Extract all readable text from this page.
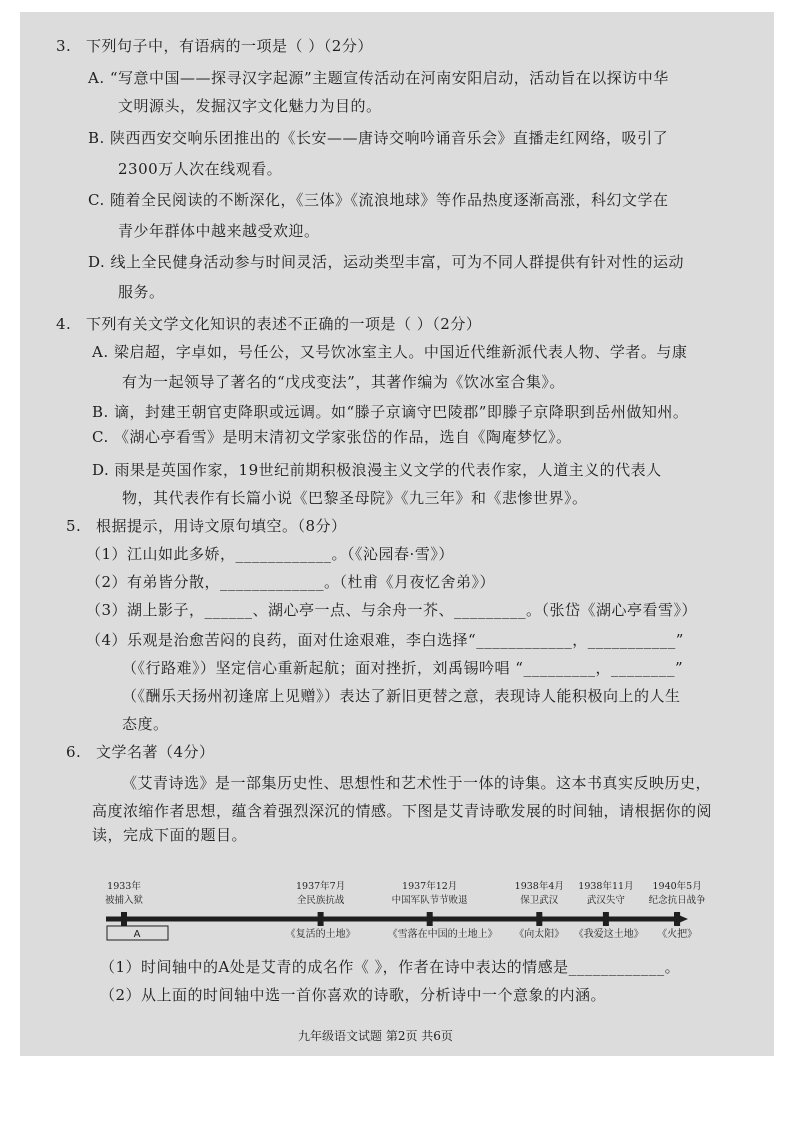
3. 下列句子中，有语病的一项是（ ）（2分）
A. “写意中国——探寻汉字起源”主题宣传活动在河南安阳启动，活动旨在以探访中华
文明源头，发掘汉字文化魅力为目的。
B. 陕西西安交响乐团推出的《长安——唐诗交响吟诵音乐会》直播走红网络，吸引了
2300万人次在线观看。
C. 随着全民阅读的不断深化，《三体》《流浪地球》等作品热度逐渐高涨，科幻文学在
青少年群体中越来越受欢迎。
D. 线上全民健身活动参与时间灵活，运动类型丰富，可为不同人群提供有针对性的运动
服务。
4. 下列有关文学文化知识的表述不正确的一项是（ ）（2分）
A. 梁启超，字卓如，号任公，又号饮冰室主人。中国近代维新派代表人物、学者。与康
有为一起领导了著名的“戊戌变法”，其著作编为《饮冰室合集》。
B. 谪，封建王朝官吏降职或远调。如“滕子京谪守巴陵郡”即滕子京降职到岳州做知州。
C. 《湖心亭看雪》是明末清初文学家张岱的作品，选自《陶庵梦忆》。
D. 雨果是英国作家，19世纪前期积极浪漫主义文学的代表作家，人道主义的代表人
物，其代表作有长篇小说《巴黎圣母院》《九三年》和《悲惨世界》。
5. 根据提示，用诗文原句填空。（8分）
（1）江山如此多娇，____________。（《沁园春·雪》）
（2）有弟皆分散，_____________。（杜甫《月夜忆舍弟》）
（3）湖上影子，______、湖心亭一点、与余舟一芥、_________。（张岱《湖心亭看雪》）
（4）乐观是治愈苦闷的良药，面对仕途艰难，李白选择“____________，___________”
（《行路难》）坚定信心重新起航；面对挫折，刘禹锡吟唱 “_________，________”
（《酬乐天扬州初逢席上见赠》）表达了新旧更替之意，表现诗人能积极向上的人生
态度。
6. 文学名著（4分）
《艾青诗选》是一部集历史性、思想性和艺术性于一体的诗集。这本书真实反映历史，
高度浓缩作者思想，蕴含着强烈深沉的情感。下图是艾青诗歌发展的时间轴，请根据你的阅
读，完成下面的题目。
（1）时间轴中的A处是艾青的成名作《 》，作者在诗中表达的情感是____________。
（2）从上面的时间轴中选一首你喜欢的诗歌，分析诗中一个意象的内涵。
A
1933年
被捕入狱
1937年7月
全民族抗战
1937年12月
中国军队节节败退
1938年4月
保卫武汉
1938年11月
武汉失守
1940年5月
纪念抗日战争
《复活的土地》	《雪落在中国的土地上》 《向太阳》 《我爱这土地》 《火把》
九年级语文试题 第2页 共6页
